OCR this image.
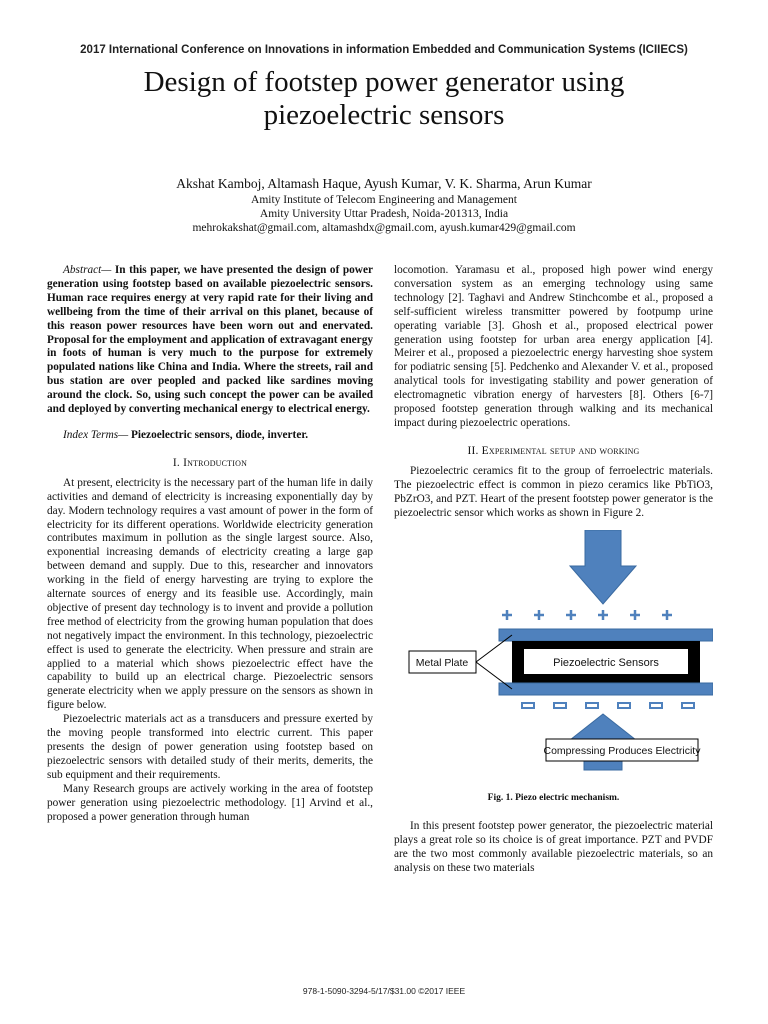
2017 International Conference on Innovations in information Embedded and Communication Systems (ICIIECS)
Design of footstep power generator using
piezoelectric sensors
Akshat Kamboj, Altamash Haque, Ayush Kumar, V. K. Sharma, Arun Kumar
Amity Institute of Telecom Engineering and Management
Amity University Uttar Pradesh, Noida-201313, India
mehrokakshat@gmail.com, altamashdx@gmail.com, ayush.kumar429@gmail.com

Abstract— In this paper, we have presented the design of power generation using footstep based on available piezoelectric sensors. Human race requires energy at very rapid rate for their living and wellbeing from the time of their arrival on this planet, because of this reason power resources have been worn out and enervated. Proposal for the employment and application of extravagant energy in foots of human is very much to the purpose for extremely populated nations like China and India. Where the streets, rail and bus station are over peopled and packed like sardines moving around the clock. So, using such concept the power can be availed and deployed by converting mechanical energy to electrical energy.

Index Terms— Piezoelectric sensors, diode, inverter.

I. Introduction

At present, electricity is the necessary part of the human life in daily activities and demand of electricity is increasing exponentially day by day. Modern technology requires a vast amount of power in the form of electricity for its different operations. Worldwide electricity generation contributes maximum in pollution as the single largest source. Also, exponential increasing demands of electricity creating a large gap between demand and supply. Due to this, researcher and innovators working in the field of energy harvesting are trying to explore the alternate sources of energy and its feasible use. Accordingly, main objective of present day technology is to invent and provide a pollution free method of electricity from the growing human population that does not negatively impact the environment. In this technology, piezoelectric effect is used to generate the electricity. When pressure and strain are applied to a material which shows piezoelectric effect have the capability to build up an electrical charge. Piezoelectric sensors generate electricity when we apply pressure on the sensors as shown in figure below.

Piezoelectric materials act as a transducers and pressure exerted by the moving people transformed into electric current. This paper presents the design of power generation using footstep based on piezoelectric sensors with detailed study of their merits, demerits, the sub equipment and their requirements.

Many Research groups are actively working in the area of footstep power generation using piezoelectric methodology. [1] Arvind et al., proposed a power generation through human

locomotion. Yaramasu et al., proposed high power wind energy conversation system as an emerging technology using same technology [2]. Taghavi and Andrew Stinchcombe et al., proposed a self-sufficient wireless transmitter powered by footpump urine operating variable [3]. Ghosh et al., proposed electrical power generation using footstep for urban area energy application [4]. Meirer et al., proposed a piezoelectric energy harvesting shoe system for podiatric sensing [5]. Pedchenko and Alexander V. et al., proposed analytical tools for investigating stability and power generation of electromagnetic vibration energy of harvesters [8]. Others [6-7] proposed footstep generation through walking and its mechanical impact during piezoelectric operations.

II. Experimental setup and working

Piezoelectric ceramics fit to the group of ferroelectric materials. The piezoelectric effect is common in piezo ceramics like PbTiO3, PbZrO3, and PZT. Heart of the present footstep power generator is the piezoelectric sensor which works as shown in Figure 2.

Piezoelectric Sensors
Metal Plate
Compressing Produces Electricity

Fig. 1. Piezo electric mechanism.

In this present footstep power generator, the piezoelectric material plays a great role so its choice is of great importance. PZT and PVDF are the two most commonly available piezoelectric materials, so an analysis on these two materials

978-1-5090-3294-5/17/$31.00 ©2017 IEEE
